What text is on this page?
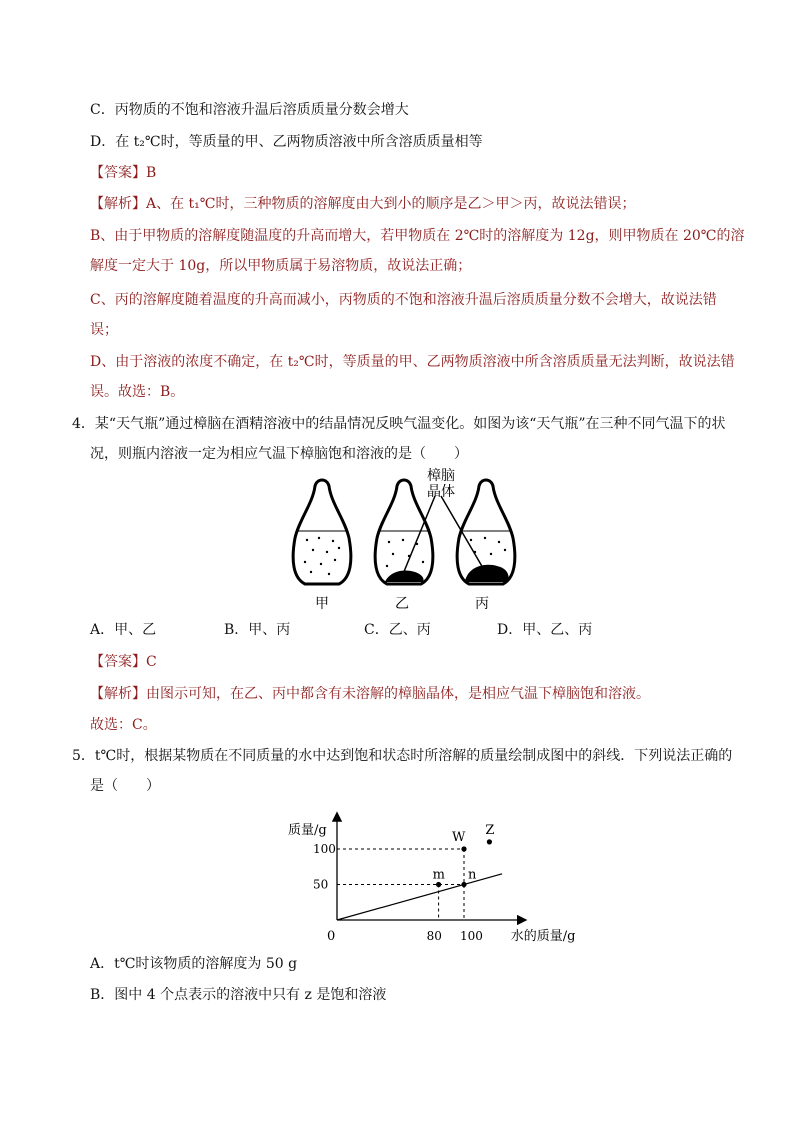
C．丙物质的不饱和溶液升温后溶质质量分数会增大
D．在 t₂℃时，等质量的甲、乙两物质溶液中所含溶质质量相等
【答案】B
【解析】A、在 t₁℃时，三种物质的溶解度由大到小的顺序是乙＞甲＞丙，故说法错误；
B、由于甲物质的溶解度随温度的升高而增大，若甲物质在 2℃时的溶解度为 12g，则甲物质在 20℃的溶
解度一定大于 10g，所以甲物质属于易溶物质，故说法正确；
C、丙的溶解度随着温度的升高而减小，丙物质的不饱和溶液升温后溶质质量分数不会增大，故说法错
误；
D、由于溶液的浓度不确定，在 t₂℃时，等质量的甲、乙两物质溶液中所含溶质质量无法判断，故说法错
误。故选：B。
4．某“天气瓶”通过樟脑在酒精溶液中的结晶情况反映气温变化。如图为该“天气瓶”在三种不同气温下的状
况，则瓶内溶液一定为相应气温下樟脑饱和溶液的是（　　）
樟脑
晶体
甲	乙	丙
A．甲、乙	B．甲、丙	C．乙、丙	D．甲、乙、丙
【答案】C
【解析】由图示可知，在乙、丙中都含有未溶解的樟脑晶体，是相应气温下樟脑饱和溶液。
故选：C。
5．t℃时，根据某物质在不同质量的水中达到饱和状态时所溶解的质量绘制成图中的斜线．下列说法正确的
是（　　）
质量/g
水的质量/g
0
50
100
80 100
m n
W Z
A．t℃时该物质的溶解度为 50 g
B．图中 4 个点表示的溶液中只有 z 是饱和溶液
